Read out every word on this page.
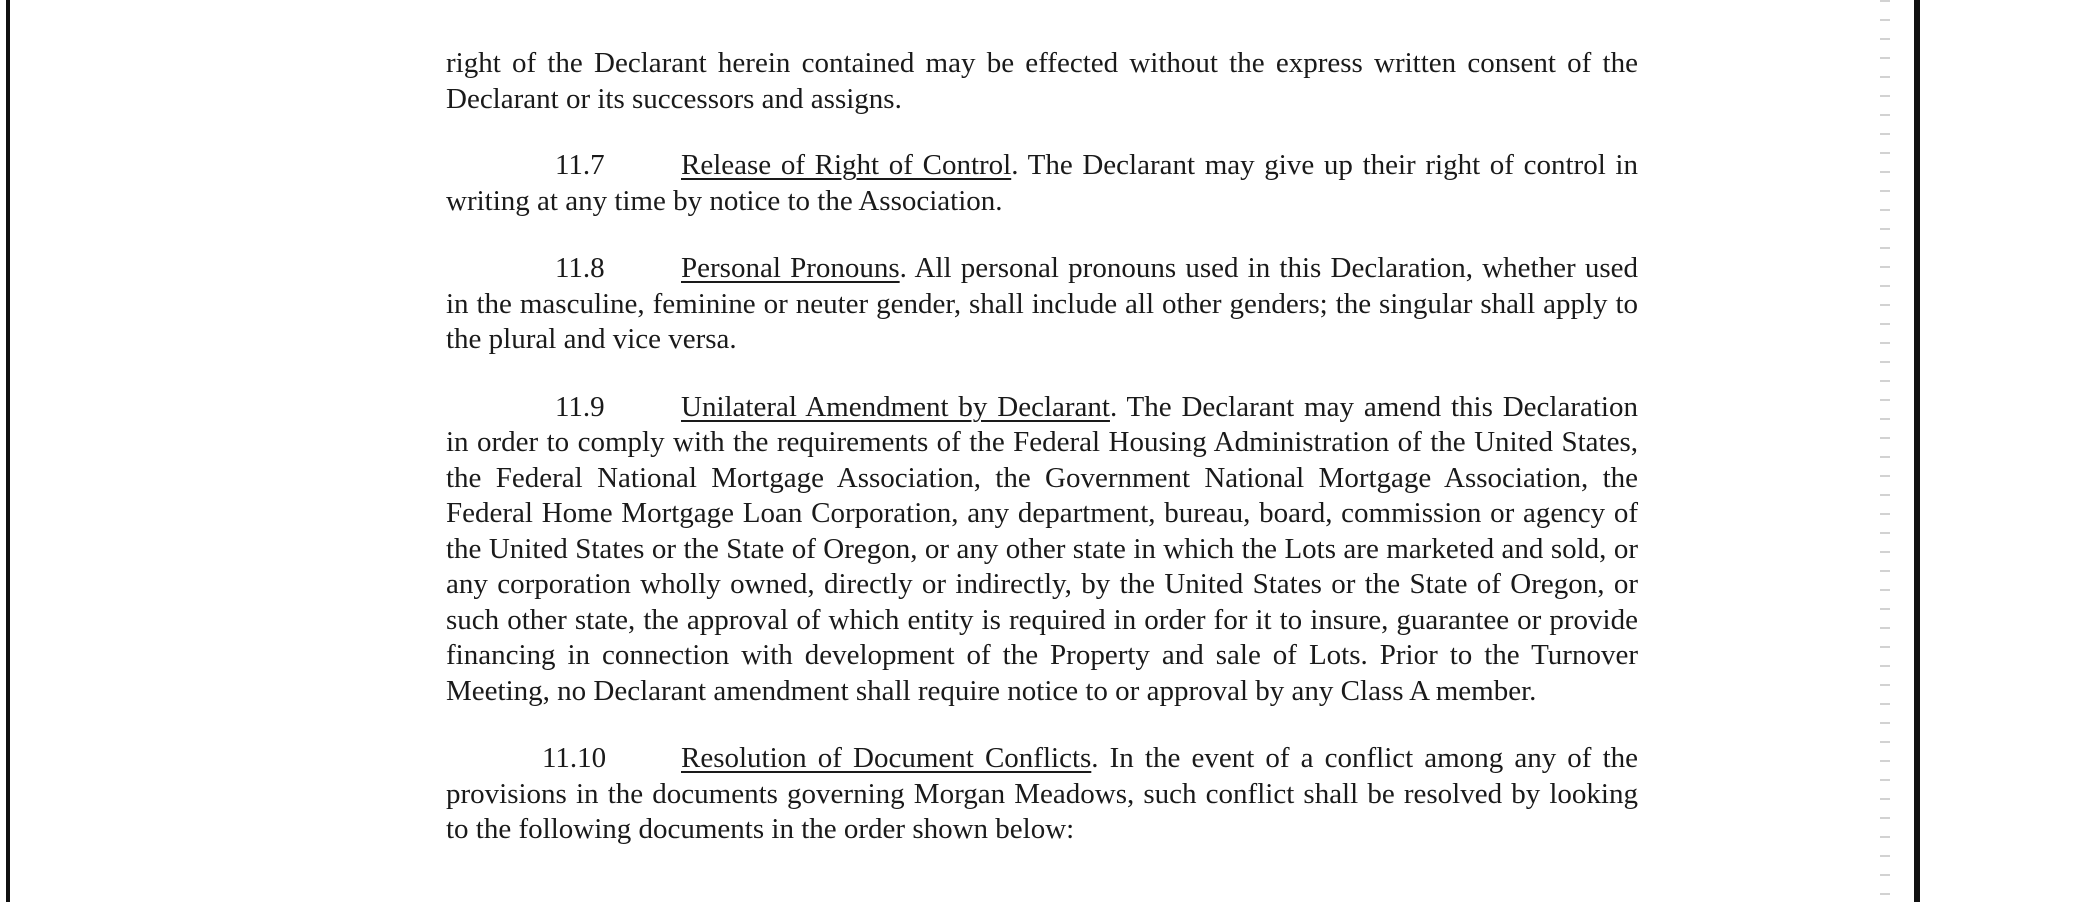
right of the Declarant herein contained may be effected without the express written consent of the Declarant or its successors and assigns.

11.7	Release of Right of Control. The Declarant may give up their right of control in writing at any time by notice to the Association.

11.8	Personal Pronouns. All personal pronouns used in this Declaration, whether used in the masculine, feminine or neuter gender, shall include all other genders; the singular shall apply to the plural and vice versa.

11.9	Unilateral Amendment by Declarant. The Declarant may amend this Declaration in order to comply with the requirements of the Federal Housing Administration of the United States, the Federal National Mortgage Association, the Government National Mortgage Association, the Federal Home Mortgage Loan Corporation, any department, bureau, board, commission or agency of the United States or the State of Oregon, or any other state in which the Lots are marketed and sold, or any corporation wholly owned, directly or indirectly, by the United States or the State of Oregon, or such other state, the approval of which entity is required in order for it to insure, guarantee or provide financing in connection with development of the Property and sale of Lots. Prior to the Turnover Meeting, no Declarant amendment shall require notice to or approval by any Class A member.

11.10	Resolution of Document Conflicts. In the event of a conflict among any of the provisions in the documents governing Morgan Meadows, such conflict shall be resolved by looking to the following documents in the order shown below:
